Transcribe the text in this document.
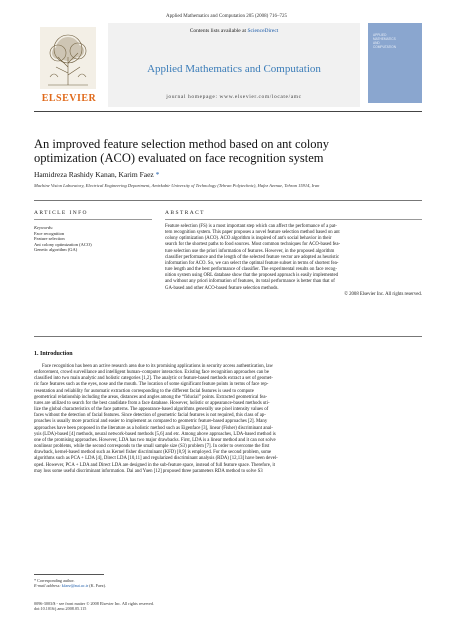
Applied Mathematics and Computation 205 (2008) 716–725
ELSEVIER
Contents lists available at ScienceDirect
Applied Mathematics and Computation
journal homepage: www.elsevier.com/locate/amc
APPLIED
MATHEMATICS
AND
COMPUTATION
An improved feature selection method based on ant colony
optimization (ACO) evaluated on face recognition system
Hamidreza Rashidy Kanan, Karim Faez *
Machine Vision Laboratory, Electrical Engineering Department, Amirkabir University of Technology (Tehran Polytechnic), Hafez Avenue, Tehran 15914, Iran
ARTICLE INFO	ABSTRACT
Keywords:
Face recognition
Feature selection
Ant colony optimization (ACO)
Genetic algorithm (GA)
Feature selection (FS) is a most important step which can affect the performance of a pat-
tern recognition system. This paper proposes a novel feature selection method based on ant
colony optimization (ACO). ACO algorithm is inspired of ant's social behavior in their
search for the shortest paths to food sources. Most common techniques for ACO-based fea-
ture selection use the priori information of features. However, in the proposed algorithm
classifier performance and the length of the selected feature vector are adopted as heuristic
information for ACO. So, we can select the optimal feature subset in terms of shortest fea-
ture length and the best performance of classifier. The experimental results on face recog-
nition system using ORL database show that the proposed approach is easily implemented
and without any priori information of features, its total performance is better than that of
GA-based and other ACO-based feature selection methods.
© 2008 Elsevier Inc. All rights reserved.
1. Introduction
Face recognition has been an active research area due to its promising applications in security access authentication, law
enforcement, crowd surveillance and intelligent human–computer interaction. Existing face recognition approaches can be
classified into two main analytic and holistic categories [1,2]. The analytic or feature-based methods extract a set of geomet-
ric face features such as the eyes, nose and the mouth. The location of some significant feature points in terms of face rep-
resentation and reliability for automatic extraction corresponding to the different facial features is used to compute
geometrical relationship including the areas, distances and angles among the “fiducial” points. Extracted geometrical fea-
tures are utilized to search for the best candidate from a face database. However, holistic or appearance-based methods uti-
lize the global characteristics of the face patterns. The appearance-based algorithms generally use pixel intensity values of
faces without the detection of facial features. Since detection of geometric facial features is not required, this class of ap-
proaches is usually more practical and easier to implement as compared to geometric feature-based approaches [2]. Many
approaches have been proposed in the literature as a holistic method such as Eigenface [3], linear (Fisher) discriminant anal-
ysis (LDA)-based [4] methods, neural network-based methods [5,6] and etc. Among above approaches, LDA-based method is
one of the promising approaches. However, LDA has two major drawbacks. First, LDA is a linear method and it can not solve
nonlinear problems, while the second corresponds to the small sample size (S3) problem [7]. In order to overcome the first
drawback, kernel-based method such as Kernel fisher discriminant (KFD) [8,9] is employed. For the second problem, some
algorithms such as PCA + LDA [4], Direct LDA [10,11] and regularized discriminant analysis (RDA) [12,13] have been devel-
oped. However, PCA + LDA and Direct LDA are designed in the sub-feature space, instead of full feature space. Therefore, it
may loss some useful discriminant information. Dai and Yuen [12] proposed three parameters RDA method to solve S3
* Corresponding author.
E-mail address: kfaez@aut.ac.ir (K. Faez).
0096-3003/$ - see front matter © 2008 Elsevier Inc. All rights reserved.
doi:10.1016/j.amc.2008.05.115
